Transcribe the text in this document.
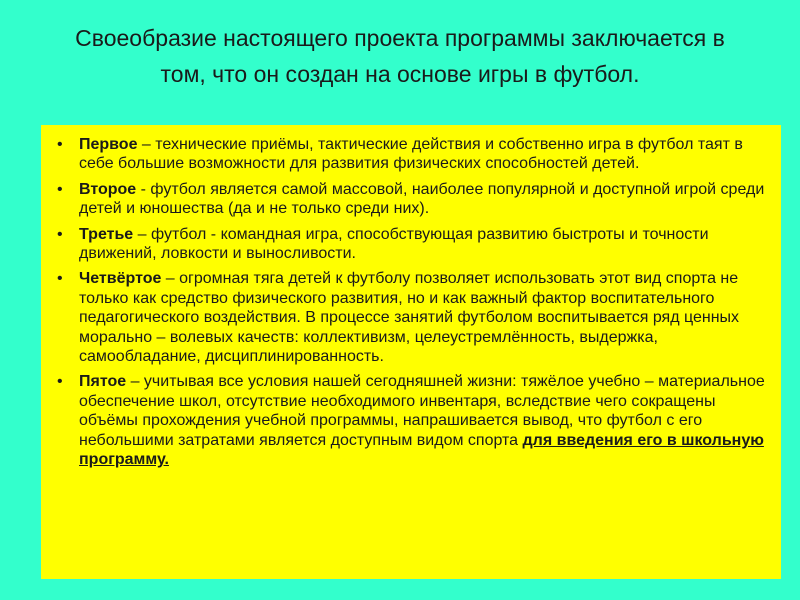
Своеобразие настоящего проекта программы заключается в том, что он создан на основе игры в футбол.
• Первое – технические приёмы, тактические действия и собственно игра в футбол таят в себе большие возможности для развития физических способностей детей.
• Второе - футбол является самой массовой, наиболее популярной и доступной игрой среди детей и юношества (да и не только среди них).
• Третье – футбол - командная игра, способствующая развитию быстроты и точности движений, ловкости и выносливости.
• Четвёртое – огромная тяга детей к футболу позволяет использовать этот вид спорта не только как средство физического развития, но и как важный фактор воспитательного педагогического воздействия. В процессе занятий футболом воспитывается ряд ценных морально – волевых качеств: коллективизм, целеустремлённость, выдержка, самообладание, дисциплинированность.
• Пятое – учитывая все условия нашей сегодняшней жизни: тяжёлое учебно – материальное обеспечение школ, отсутствие необходимого инвентаря, вследствие чего сокращены объёмы прохождения учебной программы, напрашивается вывод, что футбол с его небольшими затратами является доступным видом спорта для введения его в школьную программу.
